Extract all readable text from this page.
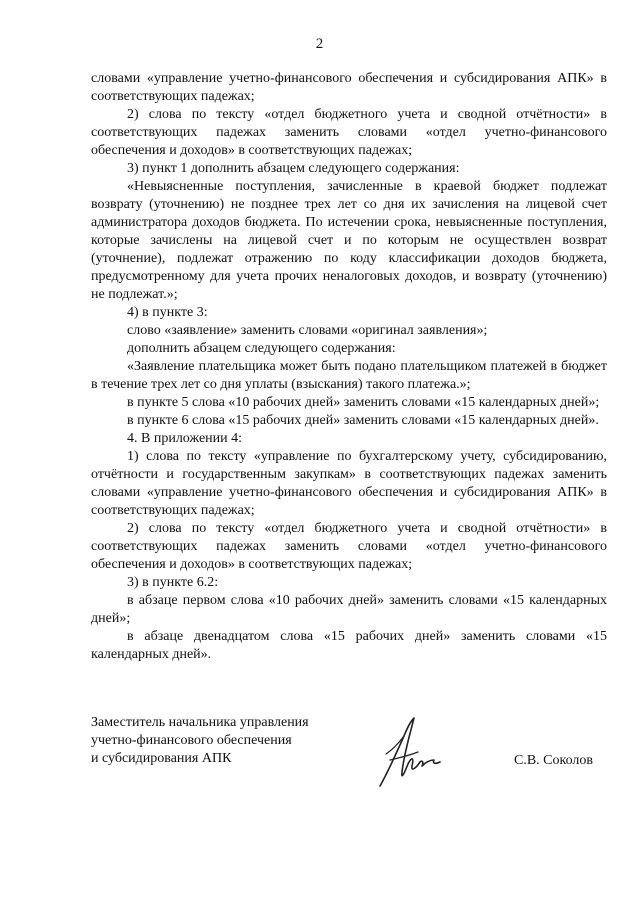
2

словами «управление учетно-финансового обеспечения и субсидирования АПК» в соответствующих падежах;

2) слова по тексту «отдел бюджетного учета и сводной отчётности» в соответствующих падежах заменить словами «отдел учетно-финансового обеспечения и доходов» в соответствующих падежах;

3) пункт 1 дополнить абзацем следующего содержания:

«Невыясненные поступления, зачисленные в краевой бюджет подлежат возврату (уточнению) не позднее трех лет со дня их зачисления на лицевой счет администратора доходов бюджета. По истечении срока, невыясненные поступления, которые зачислены на лицевой счет и по которым не осуществлен возврат (уточнение), подлежат отражению по коду классификации доходов бюджета, предусмотренному для учета прочих неналоговых доходов, и возврату (уточнению) не подлежат.»;

4) в пункте 3:

слово «заявление» заменить словами «оригинал заявления»;

дополнить абзацем следующего содержания:

«Заявление плательщика может быть подано плательщиком платежей в бюджет в течение трех лет со дня уплаты (взыскания) такого платежа.»;

в пункте 5 слова «10 рабочих дней» заменить словами «15 календарных дней»;

в пункте 6 слова «15 рабочих дней» заменить словами «15 календарных дней».

4. В приложении 4:

1) слова по тексту «управление по бухгалтерскому учету, субсидированию, отчётности и государственным закупкам» в соответствующих падежах заменить словами «управление учетно-финансового обеспечения и субсидирования АПК» в соответствующих падежах;

2) слова по тексту «отдел бюджетного учета и сводной отчётности» в соответствующих падежах заменить словами «отдел учетно-финансового обеспечения и доходов» в соответствующих падежах;

3) в пункте 6.2:

в абзаце первом слова «10 рабочих дней» заменить словами «15 календарных дней»;

в абзаце двенадцатом слова «15 рабочих дней» заменить словами «15 календарных дней».

Заместитель начальника управления
учетно-финансового обеспечения
и субсидирования АПК	С.В. Соколов
